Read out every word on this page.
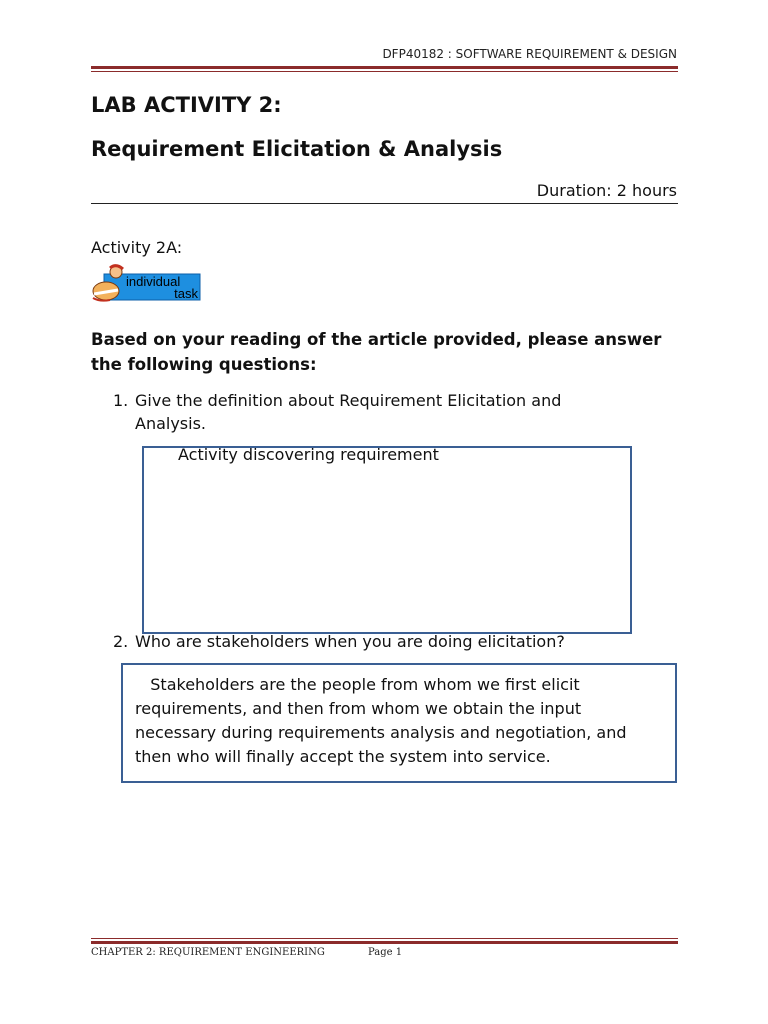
DFP40182 : SOFTWARE REQUIREMENT & DESIGN
LAB ACTIVITY 2:
Requirement Elicitation & Analysis
Duration: 2 hours
Activity 2A:
individual
task
Based on your reading of the article provided, please answer the following questions:
1. Give the definition about Requirement Elicitation and Analysis.
Activity discovering requirement
2. Who are stakeholders when you are doing elicitation?
Stakeholders are the people from whom we first elicit
requirements, and then from whom we obtain the input
necessary during requirements analysis and negotiation, and
then who will finally accept the system into service.
CHAPTER 2: REQUIREMENT ENGINEERING	Page 1
